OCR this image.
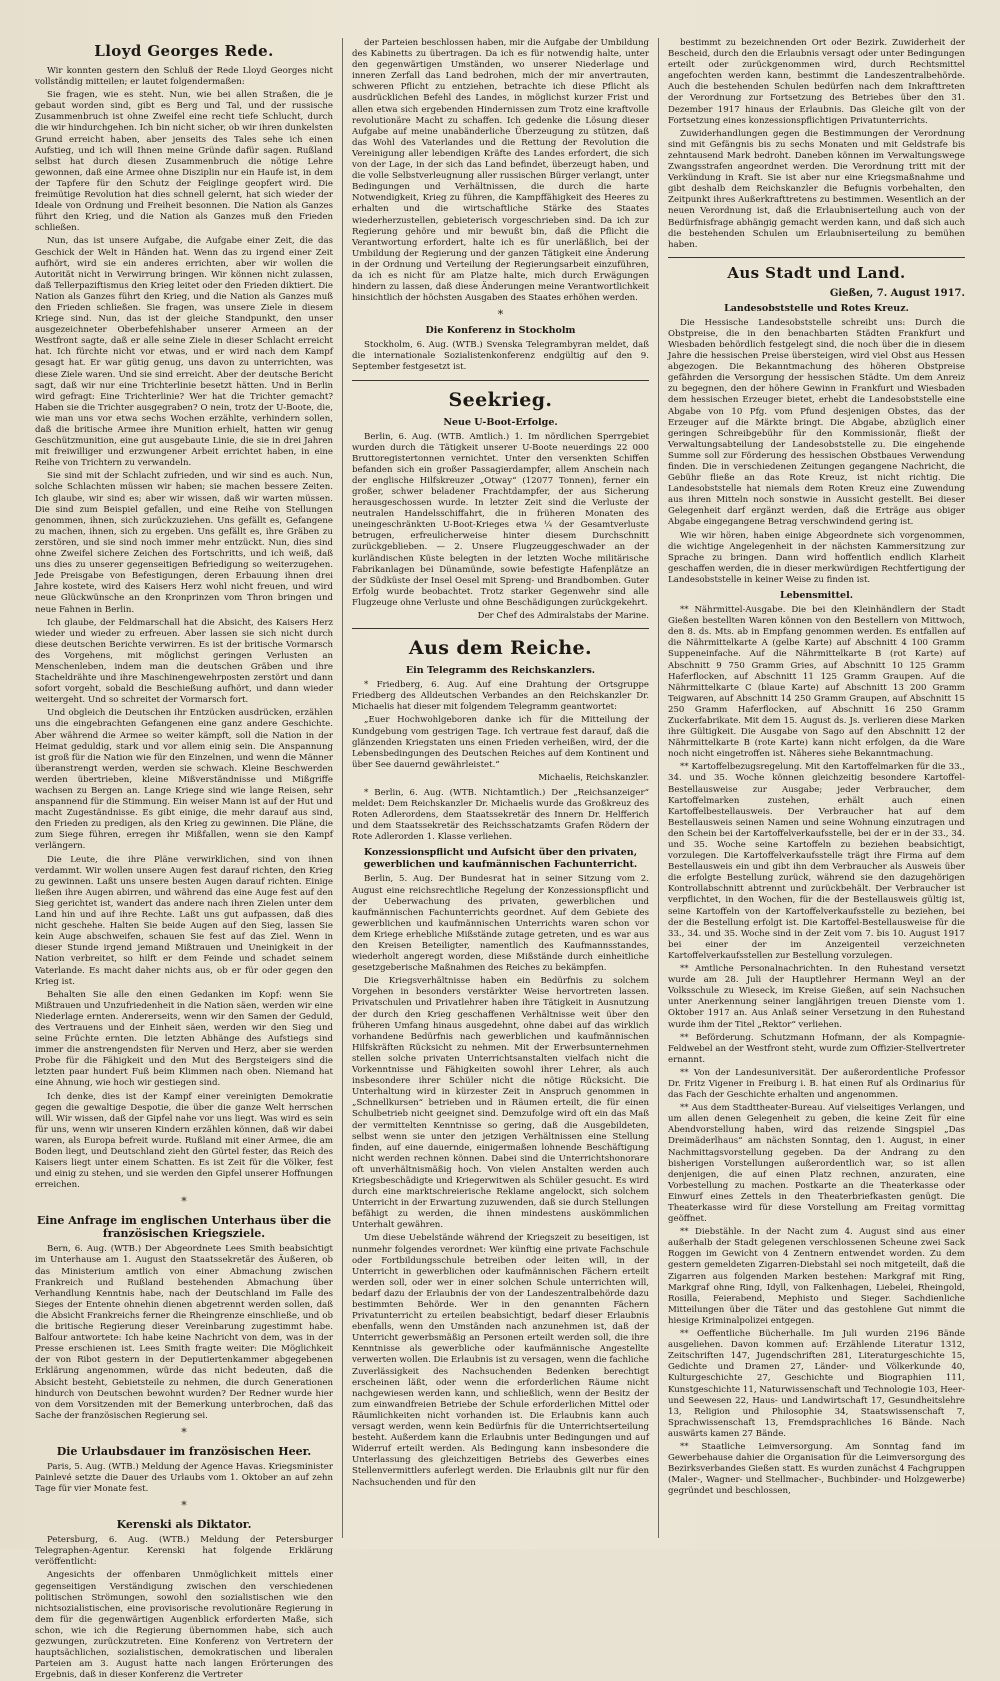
Lloyd Georges Rede.

Wir konnten gestern den Schluß der Rede Lloyd Georges nicht vollständig mitteilen; er lautet folgendermaßen:

Sie fragen, wie es steht. Nun, wie bei allen Straßen, die je gebaut worden sind, gibt es Berg und Tal, und der russische Zusammenbruch ist ohne Zweifel eine recht tiefe Schlucht, durch die wir hindurchgehen. Ich bin nicht sicher, ob wir ihren dunkelsten Grund erreicht haben, aber jenseits des Tales sehe ich einen Aufstieg, und ich will Ihnen meine Gründe dafür sagen. Rußland selbst hat durch diesen Zusammenbruch die nötige Lehre gewonnen, daß eine Armee ohne Disziplin nur ein Haufe ist, in dem der Tapfere für den Schutz der Feiglinge geopfert wird. Die freimütige Revolution hat dies schnell gelernt, hat sich wieder der Ideale von Ordnung und Freiheit besonnen. Die Nation als Ganzes führt den Krieg, und die Nation als Ganzes muß den Frieden schließen.

Nun, das ist unsere Aufgabe, die Aufgabe einer Zeit, die das Geschick der Welt in Händen hat. Wenn das zu irgend einer Zeit aufhört, wird sie ein anderes errichten, aber wir wollen die Autorität nicht in Verwirrung bringen. Wir können nicht zulassen, daß Tellerpaziftismus den Krieg leitet oder den Frieden diktiert. Die Nation als Ganzes führt den Krieg, und die Nation als Ganzes muß den Frieden schließen. Sie fragen, was unsere Ziele in diesem Kriege sind. Nun, das ist der gleiche Standpunkt, den unser ausgezeichneter Oberbefehlshaber unserer Armeen an der Westfront sagte, daß er alle seine Ziele in dieser Schlacht erreicht hat. Ich fürchte nicht vor etwas, und er wird nach dem Kampf gesagt hat. Er war gütig genug, uns davon zu unterrichten, was diese Ziele waren. Und sie sind erreicht. Aber der deutsche Bericht sagt, daß wir nur eine Trichterlinie besetzt hätten. Und in Berlin wird gefragt: Eine Trichterlinie? Wer hat die Trichter gemacht? Haben sie die Trichter ausgegraben? O nein, trotz der U-Boote, die, wie man uns vor etwa sechs Wochen erzählte, verhindern sollen, daß die britische Armee ihre Munition erhielt, hatten wir genug Geschützmunition, eine gut ausgebaute Linie, die sie in drei Jahren mit freiwilliger und erzwungener Arbeit errichtet haben, in eine Reihe von Trichtern zu verwandeln.

Sie sind mit der Schlacht zufrieden, und wir sind es auch. Nun, solche Schlachten müssen wir haben; sie machen bessere Zeiten. Ich glaube, wir sind es; aber wir wissen, daß wir warten müssen. Die sind zum Beispiel gefallen, und eine Reihe von Stellungen genommen, ihnen, sich zurückzuziehen. Uns gefällt es, Gefangene zu machen, ihnen, sich zu ergeben. Uns gefällt es, ihre Gräben zu zerstören, und sie sind noch immer mehr entzückt. Nun, dies sind ohne Zweifel sichere Zeichen des Fortschritts, und ich weiß, daß uns dies zu unserer gegenseitigen Befriedigung so weiterzugehen. Jede Preisgabe von Befestigungen, deren Erbauung ihnen drei Jahre kostete, wird des Kaisers Herz wohl nicht freuen, und wird neue Glückwünsche an den Kronprinzen vom Thron bringen und neue Fahnen in Berlin.

Ich glaube, der Feldmarschall hat die Absicht, des Kaisers Herz wieder und wieder zu erfreuen. Aber lassen sie sich nicht durch diese deutschen Berichte verwirren. Es ist der britische Vormarsch des Vorgehens, mit möglichst geringen Verlusten an Menschenleben, indem man die deutschen Gräben und ihre Stacheldrähte und ihre Maschinengewehrposten zerstört und dann sofort vorgeht, sobald die Beschießung aufhört, und dann wieder weitergeht. Und so schreitet der Vormarsch fort.

Und obgleich die Deutschen ihr Entzücken ausdrücken, erzählen uns die eingebrachten Gefangenen eine ganz andere Geschichte. Aber während die Armee so weiter kämpft, soll die Nation in der Heimat geduldig, stark und vor allem einig sein. Die Anspannung ist groß für die Nation wie für den Einzelnen, und wenn die Männer überanstrengt werden, werden sie schwach. Kleine Beschwerden werden übertrieben, kleine Mißverständnisse und Mißgriffe wachsen zu Bergen an. Lange Kriege sind wie lange Reisen, sehr anspannend für die Stimmung. Ein weiser Mann ist auf der Hut und macht Zugeständnisse. Es gibt einige, die mehr darauf aus sind, den Frieden zu predigen, als den Krieg zu gewinnen. Die Pläne, die zum Siege führen, erregen ihr Mißfallen, wenn sie den Kampf verlängern.

Die Leute, die ihre Pläne verwirklichen, sind von ihnen verdammt. Wir wollen unsere Augen fest darauf richten, den Krieg zu gewinnen. Laßt uns unsere besten Augen darauf richten. Einige ließen ihre Augen abirren, und während das eine Auge fest auf den Sieg gerichtet ist, wandert das andere nach ihren Zielen unter dem Land hin und auf ihre Rechte. Laßt uns gut aufpassen, daß dies nicht geschehe. Halten Sie beide Augen auf den Sieg, lassen Sie kein Auge abschweifen, schauen Sie fest auf das Ziel. Wenn in dieser Stunde irgend jemand Mißtrauen und Uneinigkeit in der Nation verbreitet, so hilft er dem Feinde und schadet seinem Vaterlande. Es macht daher nichts aus, ob er für oder gegen den Krieg ist.

Behalten Sie alle den einen Gedanken im Kopf: wenn Sie Mißtrauen und Unzufriedenheit in die Nation säen, werden wir eine Niederlage ernten. Andererseits, wenn wir den Samen der Geduld, des Vertrauens und der Einheit säen, werden wir den Sieg und seine Früchte ernten. Die letzten Abhänge des Aufstiegs sind immer die anstrengendsten für Nerven und Herz, aber sie werden Probe für die Fähigkeit und den Mut des Bergsteigers sind die letzten paar hundert Fuß beim Klimmen nach oben. Niemand hat eine Ahnung, wie hoch wir gestiegen sind.

Ich denke, dies ist der Kampf einer vereinigten Demokratie gegen die gewaltige Despotie, die über die ganze Welt herrschen will. Wir wissen, daß der Gipfel nahe vor uns liegt. Was wird es sein für uns, wenn wir unseren Kindern erzählen können, daß wir dabei waren, als Europa befreit wurde. Rußland mit einer Armee, die am Boden liegt, und Deutschland zieht den Gürtel fester, das Reich des Kaisers liegt unter einem Schatten. Es ist Zeit für die Völker, fest und einig zu stehen, und sie werden den Gipfel unserer Hoffnungen erreichen.

*
Eine Anfrage im englischen Unterhaus über die französischen Kriegsziele.

Bern, 6. Aug. (WTB.) Der Abgeordnete Lees Smith beabsichtigt im Unterhause am 1. August den Staatssekretär des Äußeren, ob das Ministerium amtlich von einer Abmachung zwischen Frankreich und Rußland bestehenden Abmachung über Verhandlung Kenntnis habe, nach der Deutschland im Falle des Sieges der Entente ohnehin dienen abgetrennt werden sollen, daß die Absicht Frankreichs ferner die Rheingrenze einschließe, und ob die britische Regierung dieser Vereinbarung zugestimmt habe. Balfour antwortete: Ich habe keine Nachricht von dem, was in der Presse erschienen ist. Lees Smith fragte weiter: Die Möglichkeit der von Ribot gestern in der Deputiertenkammer abgegebenen Erklärung angenommen, würde das nicht bedeuten, daß die Absicht besteht, Gebietsteile zu nehmen, die durch Generationen hindurch von Deutschen bewohnt wurden? Der Redner wurde hier von dem Vorsitzenden mit der Bemerkung unterbrochen, daß das Sache der französischen Regierung sei.

*
Die Urlaubsdauer im französischen Heer.

Paris, 5. Aug. (WTB.) Meldung der Agence Havas. Kriegsminister Painlevé setzte die Dauer des Urlaubs vom 1. Oktober an auf zehn Tage für vier Monate fest.

*
Kerenski als Diktator.

Petersburg, 6. Aug. (WTB.) Meldung der Petersburger Telegraphen-Agentur. Kerenski hat folgende Erklärung veröffentlicht:

Angesichts der offenbaren Unmöglichkeit mittels einer gegenseitigen Verständigung zwischen den verschiedenen politischen Strömungen, sowohl den sozialistischen wie den nichtsozialistischen, eine provisorische revolutionäre Regierung in dem für die gegenwärtigen Augenblick erforderten Maße, sich schon, wie ich die Regierung übernommen habe, sich auch gezwungen, zurückzutreten. Eine Konferenz von Vertretern der hauptsächlichen, sozialistischen, demokratischen und liberalen Parteien am 3. August hatte nach langen Erörterungen des Ergebnis, daß in dieser Konferenz die Vertreter

der Parteien beschlossen haben, mir die Aufgabe der Umbildung des Kabinetts zu übertragen. Da ich es für notwendig halte, unter den gegenwärtigen Umständen, wo unserer Niederlage und inneren Zerfall das Land bedrohen, mich der mir anvertrauten, schweren Pflicht zu entziehen, betrachte ich diese Pflicht als ausdrücklichen Befehl des Landes, in möglichst kurzer Frist und allen etwa sich ergebenden Hindernissen zum Trotz eine kraftvolle revolutionäre Macht zu schaffen. Ich gedenke die Lösung dieser Aufgabe auf meine unabänderliche Überzeugung zu stützen, daß das Wohl des Vaterlandes und die Rettung der Revolution die Vereinigung aller lebendigen Kräfte des Landes erfordert, die sich von der Lage, in der sich das Land befindet, überzeugt haben, und die volle Selbstverleugnung aller russischen Bürger verlangt, unter Bedingungen und Verhältnissen, die durch die harte Notwendigkeit, Krieg zu führen, die Kampffähigkeit des Heeres zu erhalten und die wirtschaftliche Stärke des Staates wiederherzustellen, gebieterisch vorgeschrieben sind. Da ich zur Regierung gehöre und mir bewußt bin, daß die Pflicht die Verantwortung erfordert, halte ich es für unerläßlich, bei der Umbildung der Regierung und der ganzen Tätigkeit eine Änderung in der Ordnung und Verteilung der Regierungsarbeit einzuführen, da ich es nicht für am Platze halte, mich durch Erwägungen hindern zu lassen, daß diese Änderungen meine Verantwortlichkeit hinsichtlich der höchsten Ausgaben des Staates erhöhen werden.

*
Die Konferenz in Stockholm

Stockholm, 6. Aug. (WTB.) Svenska Telegrambyran meldet, daß die internationale Sozialistenkonferenz endgültig auf den 9. September festgesetzt ist.

Seekrieg.
Neue U-Boot-Erfolge.

Berlin, 6. Aug. (WTB. Amtlich.) 1. Im nördlichen Sperrgebiet wurden durch die Tätigkeit unserer U-Boote neuerdings 22 000 Bruttoregistertonnen vernichtet. Unter den versenkten Schiffen befanden sich ein großer Passagierdampfer, allem Anschein nach der englische Hilfskreuzer „Otway“ (12077 Tonnen), ferner ein großer, schwer beladener Frachtdampfer, der aus Sicherung herausgeschossen wurde. In letzter Zeit sind die Verluste der neutralen Handelsschiffahrt, die in früheren Monaten des uneingeschränkten U-Boot-Krieges etwa ¼ der Gesamtverluste betrugen, erfreulicherweise hinter diesem Durchschnitt zurückgeblieben. — 2. Unsere Flugzeuggeschwader an der kurländischen Küste belegten in der letzten Woche militärische Fabrikanlagen bei Dünamünde, sowie befestigte Hafenplätze an der Südküste der Insel Oesel mit Spreng- und Brandbomben. Guter Erfolg wurde beobachtet. Trotz starker Gegenwehr sind alle Flugzeuge ohne Verluste und ohne Beschädigungen zurückgekehrt.

Der Chef des Admiralstabs der Marine.
Aus dem Reiche.
Ein Telegramm des Reichskanzlers.

* Friedberg, 6. Aug. Auf eine Drahtung der Ortsgruppe Friedberg des Alldeutschen Verbandes an den Reichskanzler Dr. Michaelis hat dieser mit folgendem Telegramm geantwortet:

„Euer Hochwohlgeboren danke ich für die Mitteilung der Kundgebung vom gestrigen Tage. Ich vertraue fest darauf, daß die glänzenden Kriegstaten uns einen Frieden verheißen, wird, der die Lebensbedingungen des Deutschen Reiches auf dem Kontinent und über See dauernd gewährleistet.“

Michaelis, Reichskanzler.

* Berlin, 6. Aug. (WTB. Nichtamtlich.) Der „Reichsanzeiger“ meldet: Dem Reichskanzler Dr. Michaelis wurde das Großkreuz des Roten Adlerordens, dem Staatssekretär des Innern Dr. Helfferich und dem Staatssekretär des Reichsschatzamts Grafen Rödern der Rote Adlerorden 1. Klasse verliehen.

Konzessionspflicht und Aufsicht über den privaten, gewerblichen und kaufmännischen Fachunterricht.

Berlin, 5. Aug. Der Bundesrat hat in seiner Sitzung vom 2. August eine reichsrechtliche Regelung der Konzessionspflicht und der Ueberwachung des privaten, gewerblichen und kaufmännischen Fachunterrichts geordnet. Auf dem Gebiete des gewerblichen und kaufmännischen Unterrichts waren schon vor dem Kriege erhebliche Mißstände zutage getreten, und es war aus den Kreisen Beteiligter, namentlich des Kaufmannsstandes, wiederholt angeregt worden, diese Mißstände durch einheitliche gesetzgeberische Maßnahmen des Reiches zu bekämpfen.

Die Kriegsverhältnisse haben ein Bedürfnis zu solchem Vorgehen in besonders verstärkter Weise hervortreten lassen. Privatschulen und Privatlehrer haben ihre Tätigkeit in Ausnutzung der durch den Krieg geschaffenen Verhältnisse weit über den früheren Umfang hinaus ausgedehnt, ohne dabei auf das wirklich vorhandene Bedürfnis nach gewerblichen und kaufmännischen Hilfskräften Rücksicht zu nehmen. Mit der Erwerbsunternehmen stellen solche privaten Unterrichtsanstalten vielfach nicht die Vorkenntnisse und Fähigkeiten sowohl ihrer Lehrer, als auch insbesondere ihrer Schüler nicht die nötige Rücksicht. Die Unterhaltung wird in kürzester Zeit in Anspruch genommen in „Schnellkursen“ betrieben und in Räumen erteilt, die für einen Schulbetrieb nicht geeignet sind. Demzufolge wird oft ein das Maß der vermittelten Kenntnisse so gering, daß die Ausgebildeten, selbst wenn sie unter den jetzigen Verhältnissen eine Stellung finden, auf eine dauernde, einigermaßen lohnende Beschäftigung nicht werden rechnen können. Dabei sind die Unterrichtshonorare oft unverhältnismäßig hoch. Von vielen Anstalten werden auch Kriegsbeschädigte und Kriegerwitwen als Schüler gesucht. Es wird durch eine marktschreierische Reklame angelockt, sich solchem Unterricht in der Erwartung zuzuwenden, daß sie durch Stellungen befähigt zu werden, die ihnen mindestens auskömmlichen Unterhalt gewähren.

Um diese Uebelstände während der Kriegszeit zu beseitigen, ist nunmehr folgendes verordnet: Wer künftig eine private Fachschule oder Fortbildungsschule betreiben oder leiten will, in der Unterricht in gewerblichen oder kaufmännischen Fächern erteilt werden soll, oder wer in einer solchen Schule unterrichten will, bedarf dazu der Erlaubnis der von der Landeszentralbehörde dazu bestimmten Behörde. Wer in den genannten Fächern Privatunterricht zu erteilen beabsichtigt, bedarf dieser Erlaubnis ebenfalls, wenn den Umständen nach anzunehmen ist, daß der Unterricht gewerbsmäßig an Personen erteilt werden soll, die ihre Kenntnisse als gewerbliche oder kaufmännische Angestellte verwerten wollen. Die Erlaubnis ist zu versagen, wenn die fachliche Zuverlässigkeit des Nachsuchenden Bedenken berechtigt erscheinen läßt, oder wenn die erforderlichen Räume nicht nachgewiesen werden kann, und schließlich, wenn der Besitz der zum einwandfreien Betriebe der Schule erforderlichen Mittel oder Räumlichkeiten nicht vorhanden ist. Die Erlaubnis kann auch versagt werden, wenn kein Bedürfnis für die Unterrichtserteilung besteht. Außerdem kann die Erlaubnis unter Bedingungen und auf Widerruf erteilt werden. Als Bedingung kann insbesondere die Unterlassung des gleichzeitigen Betriebs des Gewerbes eines Stellenvermittlers auferlegt werden. Die Erlaubnis gilt nur für den Nachsuchenden und für den

bestimmt zu bezeichnenden Ort oder Bezirk. Zuwiderheit der Bescheid, durch den die Erlaubnis versagt oder unter Bedingungen erteilt oder zurückgenommen wird, durch Rechtsmittel angefochten werden kann, bestimmt die Landeszentralbehörde. Auch die bestehenden Schulen bedürfen nach dem Inkrafttreten der Verordnung zur Fortsetzung des Betriebes über den 31. Dezember 1917 hinaus der Erlaubnis. Das Gleiche gilt von der Fortsetzung eines konzessionspflichtigen Privatunterrichts.

Zuwiderhandlungen gegen die Bestimmungen der Verordnung sind mit Gefängnis bis zu sechs Monaten und mit Geldstrafe bis zehntausend Mark bedroht. Daneben können im Verwaltungswege Zwangsstrafen angeordnet werden. Die Verordnung tritt mit der Verkündung in Kraft. Sie ist aber nur eine Kriegsmaßnahme und gibt deshalb dem Reichskanzler die Befugnis vorbehalten, den Zeitpunkt ihres Außerkrafttretens zu bestimmen. Wesentlich an der neuen Verordnung ist, daß die Erlaubniserteilung auch von der Bedürfnisfrage abhängig gemacht werden kann, und daß sich auch die bestehenden Schulen um Erlaubniserteilung zu bemühen haben.

Aus Stadt und Land.
Gießen, 7. August 1917.
Landesobststelle und Rotes Kreuz.

Die Hessische Landesobststelle schreibt uns: Durch die Obstpreise, die in den benachbarten Städten Frankfurt und Wiesbaden behördlich festgelegt sind, die noch über die in diesem Jahre die hessischen Preise übersteigen, wird viel Obst aus Hessen abgezogen. Die Bekanntmachung des höheren Obstpreise gefährden die Versorgung der hessischen Städte. Um dem Anreiz zu begegnen, den der höhere Gewinn in Frankfurt und Wiesbaden dem hessischen Erzeuger bietet, erhebt die Landesobststelle eine Abgabe von 10 Pfg. vom Pfund desjenigen Obstes, das der Erzeuger auf die Märkte bringt. Die Abgabe, abzüglich einer geringen Schreibgebühr für den Kommissionär, fließt der Verwaltungsabteilung der Landesobststelle zu. Die eingehende Summe soll zur Förderung des hessischen Obstbaues Verwendung finden. Die in verschiedenen Zeitungen gegangene Nachricht, die Gebühr fließe an das Rote Kreuz, ist nicht richtig. Die Landesobststelle hat niemals dem Roten Kreuz eine Zuwendung aus ihren Mitteln noch sonstwie in Aussicht gestellt. Bei dieser Gelegenheit darf ergänzt werden, daß die Erträge aus obiger Abgabe eingegangene Betrag verschwindend gering ist.

Wie wir hören, haben einige Abgeordnete sich vorgenommen, die wichtige Angelegenheit in der nächsten Kammersitzung zur Sprache zu bringen. Dann wird hoffentlich endlich Klarheit geschaffen werden, die in dieser merkwürdigen Rechtfertigung der Landesobststelle in keiner Weise zu finden ist.

Lebensmittel.

** Nährmittel-Ausgabe. Die bei den Kleinhändlern der Stadt Gießen bestellten Waren können von den Bestellern von Mittwoch, den 8. ds. Mts. ab in Empfang genommen werden. Es entfallen auf die Nährmittelkarte A (gelbe Karte) auf Abschnitt 4 100 Gramm Suppeneinfache. Auf die Nährmittelkarte B (rot Karte) auf Abschnitt 9 750 Gramm Gries, auf Abschnitt 10 125 Gramm Haferflocken, auf Abschnitt 11 125 Gramm Graupen. Auf die Nährmittelkarte C (blaue Karte) auf Abschnitt 13 200 Gramm Teigwaren, auf Abschnitt 14 250 Gramm Graupen, auf Abschnitt 15 250 Gramm Haferflocken, auf Abschnitt 16 250 Gramm Zuckerfabrikate. Mit dem 15. August ds. Js. verlieren diese Marken ihre Gültigkeit. Die Ausgabe von Sago auf den Abschnitt 12 der Nährmittelkarte B (rote Karte) kann nicht erfolgen, da die Ware noch nicht eingetroffen ist. Näheres siehe Bekanntmachung.

** Kartoffelbezugsregelung. Mit den Kartoffelmarken für die 33., 34. und 35. Woche können gleichzeitig besondere Kartoffel-Bestellausweise zur Ausgabe; jeder Verbraucher, dem Kartoffelmarken zustehen, erhält auch einen Kartoffelbestellausweis. Der Verbraucher hat auf dem Bestellausweis seinen Namen und seine Wohnung einzutragen und den Schein bei der Kartoffelverkaufsstelle, bei der er in der 33., 34. und 35. Woche seine Kartoffeln zu beziehen beabsichtigt, vorzulegen. Die Kartoffelverkaufsstelle trägt ihre Firma auf dem Bestellausweis ein und gibt ihn dem Verbraucher als Ausweis über die erfolgte Bestellung zurück, während sie den dazugehörigen Kontrollabschnitt abtrennt und zurückbehält. Der Verbraucher ist verpflichtet, in den Wochen, für die der Bestellausweis gültig ist, seine Kartoffeln von der Kartoffelverkaufsstelle zu beziehen, bei der die Bestellung erfolgt ist. Die Kartoffel-Bestellausweise für die 33., 34. und 35. Woche sind in der Zeit vom 7. bis 10. August 1917 bei einer der im Anzeigenteil verzeichneten Kartoffelverkaufsstellen zur Bestellung vorzulegen.

** Amtliche Personalnachrichten. In den Ruhestand versetzt wurde am 28. Juli der Hauptlehrer Hermann Weyl an der Volksschule zu Wieseck, im Kreise Gießen, auf sein Nachsuchen unter Anerkennung seiner langjährigen treuen Dienste vom 1. Oktober 1917 an. Aus Anlaß seiner Versetzung in den Ruhestand wurde ihm der Titel „Rektor“ verliehen.

** Beförderung. Schutzmann Hofmann, der als Kompagnie-Feldwebel an der Westfront steht, wurde zum Offizier-Stellvertreter ernannt.

** Von der Landesuniversität. Der außerordentliche Professor Dr. Fritz Vigener in Freiburg i. B. hat einen Ruf als Ordinarius für das Fach der Geschichte erhalten und angenommen.

** Aus dem Stadttheater-Bureau. Auf vielseitiges Verlangen, und um allen denen Gelegenheit zu geben, die keine Zeit für eine Abendvorstellung haben, wird das reizende Singspiel „Das Dreimäderlhaus“ am nächsten Sonntag, den 1. August, in einer Nachmittagsvorstellung gegeben. Da der Andrang zu den bisherigen Vorstellungen außerordentlich war, so ist allen denjenigen, die auf einen Platz rechnen, anzuraten, eine Vorbestellung zu machen. Postkarte an die Theaterkasse oder Einwurf eines Zettels in den Theaterbriefkasten genügt. Die Theaterkasse wird für diese Vorstellung am Freitag vormittag geöffnet.

** Diebstähle. In der Nacht zum 4. August sind aus einer außerhalb der Stadt gelegenen verschlossenen Scheune zwei Sack Roggen im Gewicht von 4 Zentnern entwendet worden. Zu dem gestern gemeldeten Zigarren-Diebstahl sei noch mitgeteilt, daß die Zigarren aus folgenden Marken bestehen: Markgraf mit Ring, Markgraf ohne Ring, Idyll, von Falkenhagen, Liebelei, Rheingold, Rosilla, Feierabend, Mephisto und Sieger. Sachdienliche Mitteilungen über die Täter und das gestohlene Gut nimmt die hiesige Kriminalpolizei entgegen.

** Oeffentliche Bücherhalle. Im Juli wurden 2196 Bände ausgeliehen. Davon kommen auf: Erzählende Literatur 1312, Zeitschriften 147, Jugendschriften 281, Literaturgeschichte 15, Gedichte und Dramen 27, Länder- und Völkerkunde 40, Kulturgeschichte 27, Geschichte und Biographien 111, Kunstgeschichte 11, Naturwissenschaft und Technologie 103, Heer- und Seewesen 22, Haus- und Landwirtschaft 17, Gesundheitslehre 13, Religion und Philosophie 34, Staatswissenschaft 7, Sprachwissenschaft 13, Fremdsprachliches 16 Bände. Nach auswärts kamen 27 Bände.

** Staatliche Leimversorgung. Am Sonntag fand im Gewerbehause dahier die Organisation für die Leimversorgung des Bezirksverbandes Gießen statt. Es wurden zunächst 4 Fachgruppen (Maler-, Wagner- und Stellmacher-, Buchbinder- und Holzgewerbe) gegründet und beschlossen,
